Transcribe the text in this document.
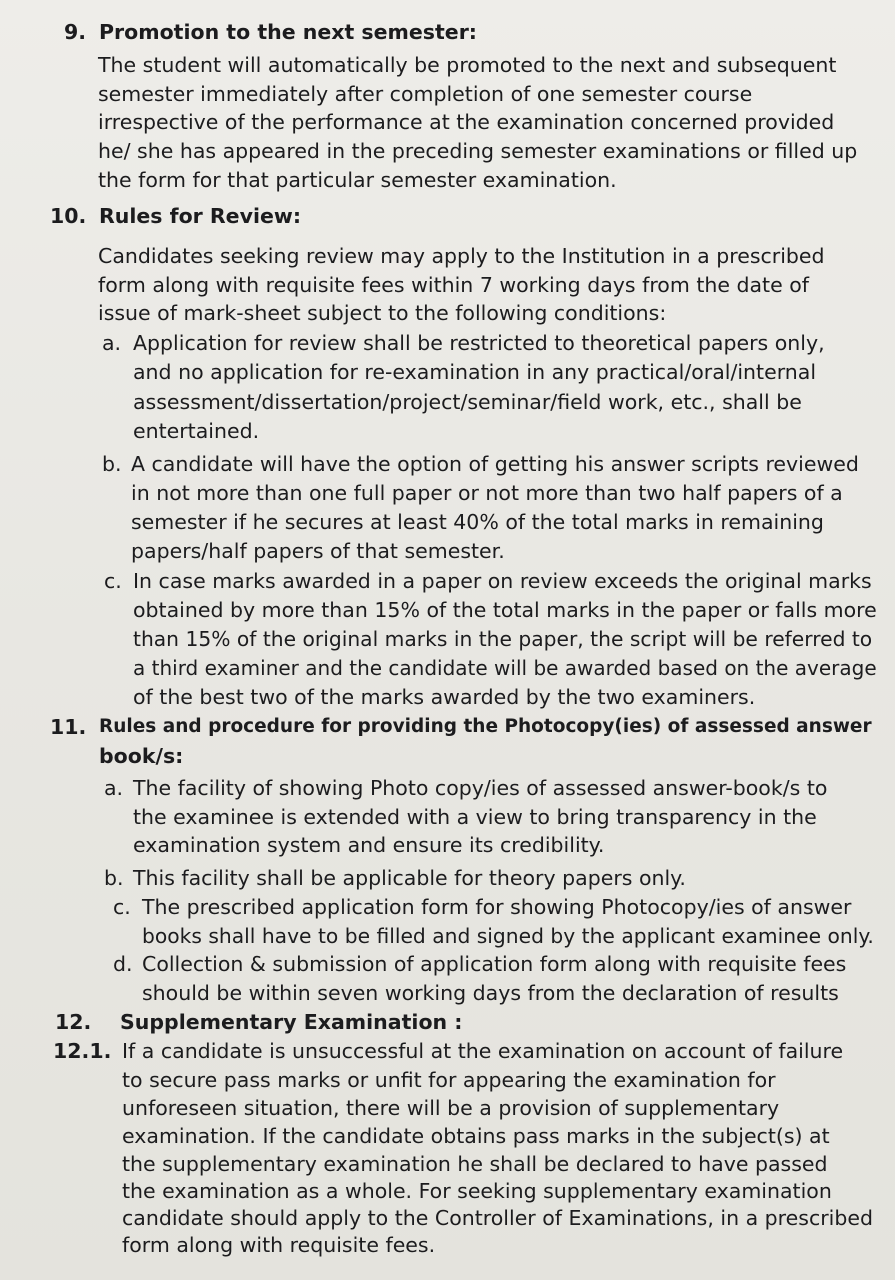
9. Promotion to the next semester:
The student will automatically be promoted to the next and subsequent
semester immediately after completion of one semester course
irrespective of the performance at the examination concerned provided
he/ she has appeared in the preceding semester examinations or filled up
the form for that particular semester examination.
10. Rules for Review:
Candidates seeking review may apply to the Institution in a prescribed
form along with requisite fees within 7 working days from the date of
issue of mark-sheet subject to the following conditions:
a. Application for review shall be restricted to theoretical papers only,
and no application for re-examination in any practical/oral/internal
assessment/dissertation/project/seminar/field work, etc., shall be
entertained.
b. A candidate will have the option of getting his answer scripts reviewed
in not more than one full paper or not more than two half papers of a
semester if he secures at least 40% of the total marks in remaining
papers/half papers of that semester.
c. In case marks awarded in a paper on review exceeds the original marks
obtained by more than 15% of the total marks in the paper or falls more
than 15% of the original marks in the paper, the script will be referred to
a third examiner and the candidate will be awarded based on the average
of the best two of the marks awarded by the two examiners.
11. Rules and procedure for providing the Photocopy(ies) of assessed answer
book/s:
a. The facility of showing Photo copy/ies of assessed answer-book/s to
the examinee is extended with a view to bring transparency in the
examination system and ensure its credibility.
b. This facility shall be applicable for theory papers only.
c. The prescribed application form for showing Photocopy/ies of answer
books shall have to be filled and signed by the applicant examinee only.
d. Collection & submission of application form along with requisite fees
should be within seven working days from the declaration of results
12. Supplementary Examination :
12.1. If a candidate is unsuccessful at the examination on account of failure
to secure pass marks or unfit for appearing the examination for
unforeseen situation, there will be a provision of supplementary
examination. If the candidate obtains pass marks in the subject(s) at
the supplementary examination he shall be declared to have passed
the examination as a whole. For seeking supplementary examination
candidate should apply to the Controller of Examinations, in a prescribed
form along with requisite fees.
